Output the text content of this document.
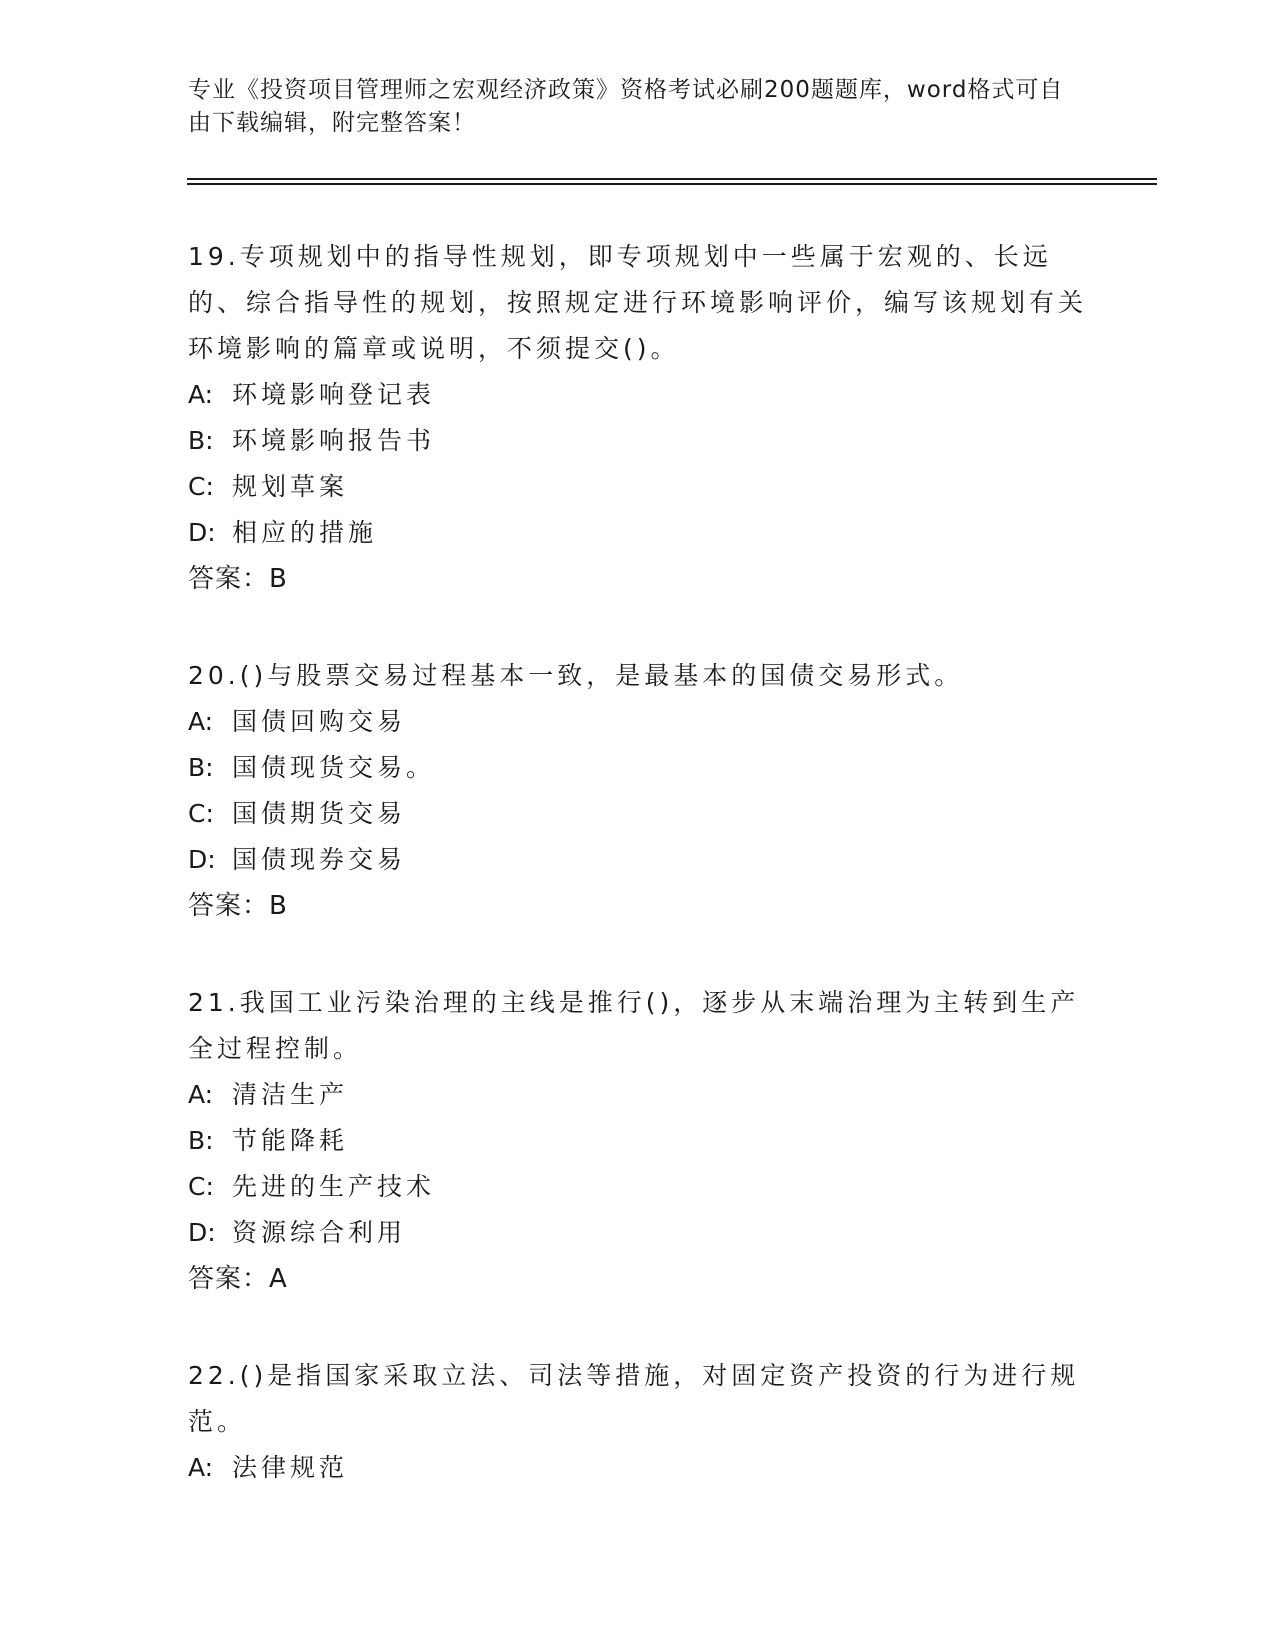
专业《投资项目管理师之宏观经济政策》资格考试必刷200题题库，word格式可自由下载编辑，附完整答案！

19.专项规划中的指导性规划，即专项规划中一些属于宏观的、长远的、综合指导性的规划，按照规定进行环境影响评价，编写该规划有关环境影响的篇章或说明，不须提交()。

A: 环境影响登记表

B: 环境影响报告书

C: 规划草案

D: 相应的措施

答案：B

20.()与股票交易过程基本一致，是最基本的国债交易形式。

A: 国债回购交易

B: 国债现货交易。

C: 国债期货交易

D: 国债现券交易

答案：B

21.我国工业污染治理的主线是推行()，逐步从末端治理为主转到生产全过程控制。

A: 清洁生产

B: 节能降耗

C: 先进的生产技术

D: 资源综合利用

答案：A

22.()是指国家采取立法、司法等措施，对固定资产投资的行为进行规范。

A: 法律规范
